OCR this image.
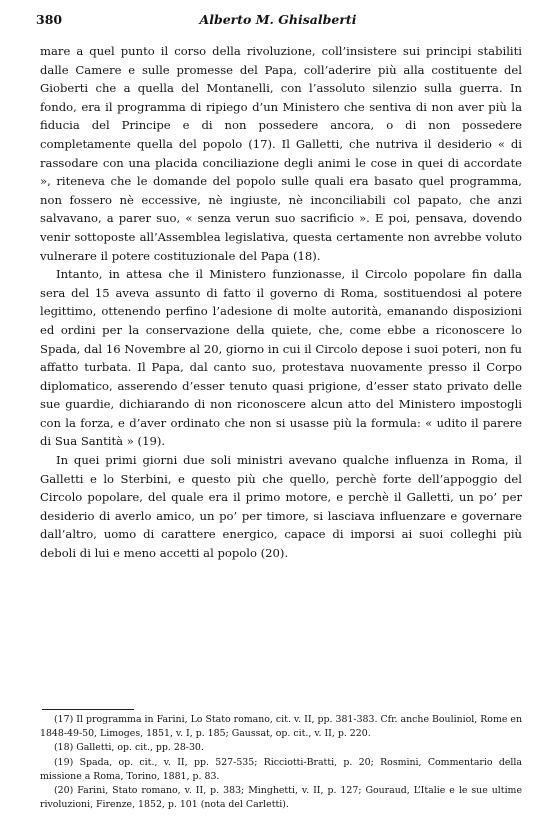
380	Alberto M. Ghisalberti

mare a quel punto il corso della rivoluzione, coll’insistere sui principi stabiliti dalle Camere e sulle promesse del Papa, coll’aderire più alla costituente del Gioberti che a quella del Montanelli, con l’assoluto silenzio sulla guerra. In fondo, era il programma di ripiego d’un Ministero che sentiva di non aver più la fiducia del Principe e di non possedere ancora, o di non possedere completamente quella del popolo (17). Il Galletti, che nutriva il desiderio « di rassodare con una placida conciliazione degli animi le cose in quei di accordate », riteneva che le domande del popolo sulle quali era basato quel programma, non fossero nè eccessive, nè ingiuste, nè inconciliabili col papato, che anzi salvavano, a parer suo, « senza verun suo sacrificio ». E poi, pensava, dovendo venir sottoposte all’Assemblea legislativa, questa certamente non avrebbe voluto vulnerare il potere costituzionale del Papa (18).

Intanto, in attesa che il Ministero funzionasse, il Circolo popolare fin dalla sera del 15 aveva assunto di fatto il governo di Roma, sostituendosi al potere legittimo, ottenendo perfino l’adesione di molte autorità, emanando disposizioni ed ordini per la conservazione della quiete, che, come ebbe a riconoscere lo Spada, dal 16 Novembre al 20, giorno in cui il Circolo depose i suoi poteri, non fu affatto turbata. Il Papa, dal canto suo, protestava nuovamente presso il Corpo diplomatico, asserendo d’esser tenuto quasi prigione, d’esser stato privato delle sue guardie, dichiarando di non riconoscere alcun atto del Ministero impostogli con la forza, e d’aver ordinato che non si usasse più la formula: « udito il parere di Sua Santità » (19).

In quei primi giorni due soli ministri avevano qualche influenza in Roma, il Galletti e lo Sterbini, e questo più che quello, perchè forte dell’appoggio del Circolo popolare, del quale era il primo motore, e perchè il Galletti, un po’ per desiderio di averlo amico, un po’ per timore, si lasciava influenzare e governare dall’altro, uomo di carattere energico, capace di imporsi ai suoi colleghi più deboli di lui e meno accetti al popolo (20).

(17) Il programma in Farini, Lo Stato romano, cit. v. II, pp. 381-383. Cfr. anche Bouliniol, Rome en 1848-49-50, Limoges, 1851, v. I, p. 185; Gaussat, op. cit., v. II, p. 220.

(18) Galletti, op. cit., pp. 28-30.

(19) Spada, op. cit., v. II, pp. 527-535; Ricciotti-Bratti, p. 20; Rosmini, Commentario della missione a Roma, Torino, 1881, p. 83.

(20) Farini, Stato romano, v. II, p. 383; Minghetti, v. II, p. 127; Gouraud, L’Italie e le sue ultime rivoluzioni, Firenze, 1852, p. 101 (nota del Carletti).
